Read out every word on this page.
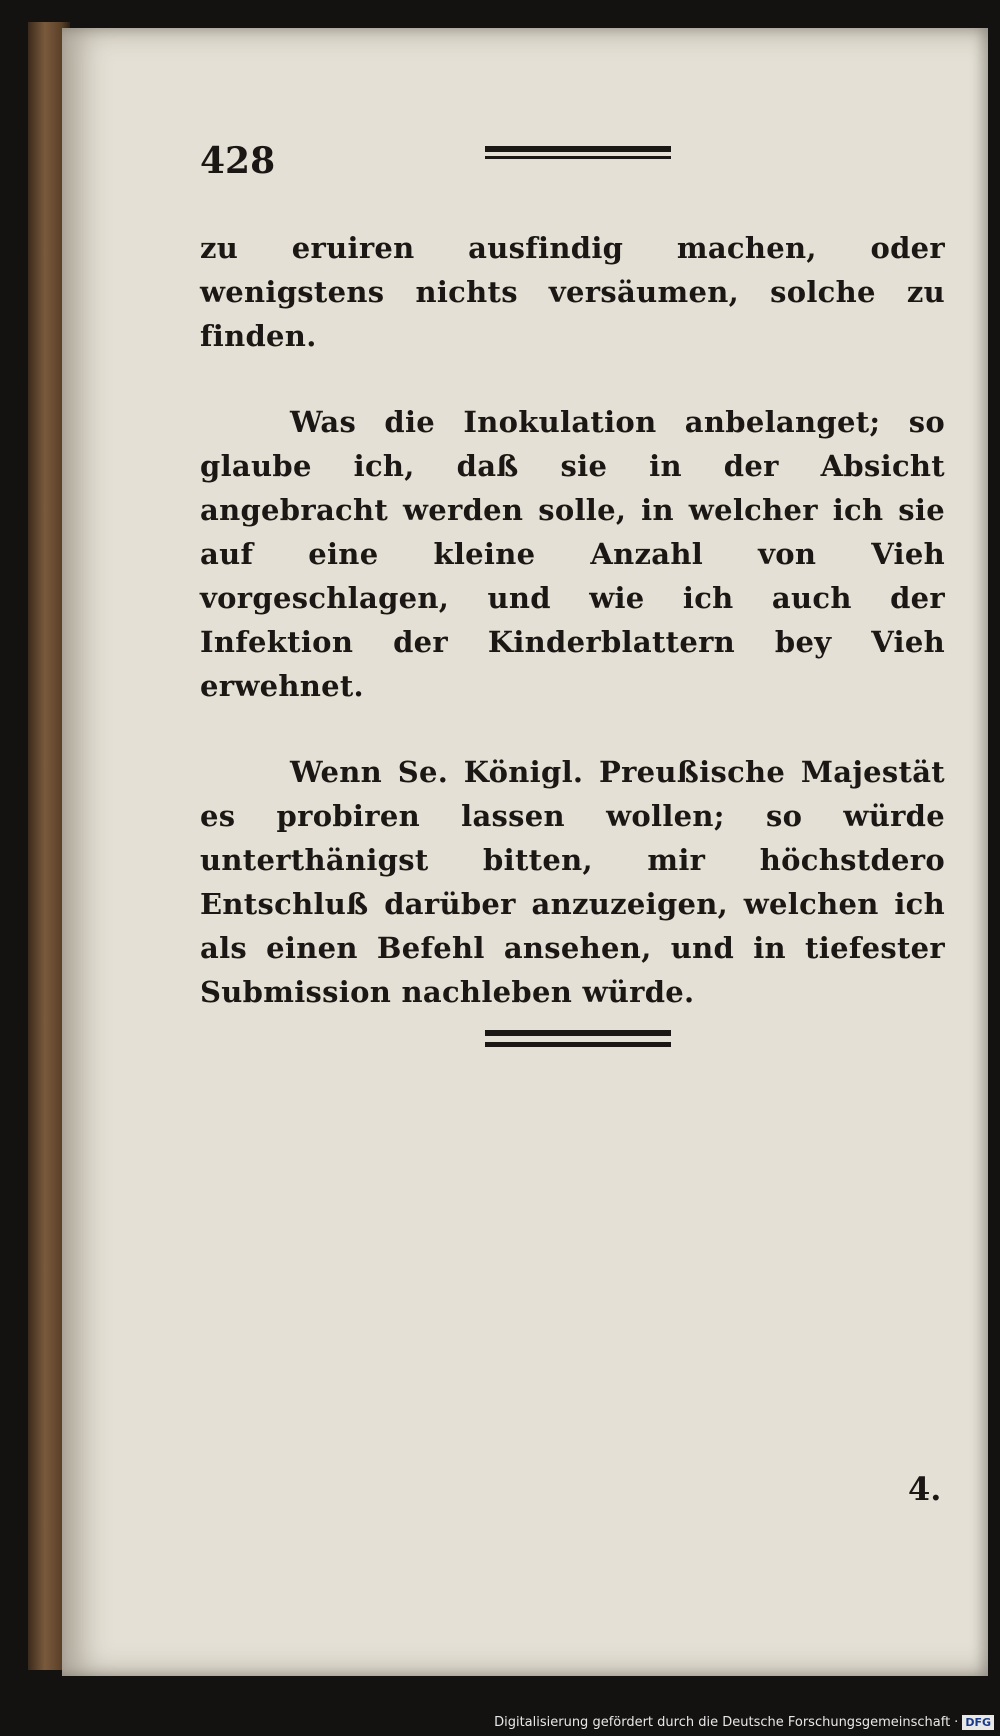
428

zu eruiren ausfindig machen, oder wenigstens nichts versäumen, solche zu finden.

Was die Inokulation anbelanget; so glaube ich, daß sie in der Absicht angebracht werden solle, in welcher ich sie auf eine kleine Anzahl von Vieh vorgeschlagen, und wie ich auch der Infektion der Kinderblattern bey Vieh erwehnet.

Wenn Se. Königl. Preußische Majestät es probiren lassen wollen; so würde unterthänigst bitten, mir höchstdero Entschluß darüber anzuzeigen, welchen ich als einen Befehl ansehen, und in tiefester Submission nachleben würde.

4.
Digitalisierung gefördert durch die Deutsche Forschungsgemeinschaft · DFG
